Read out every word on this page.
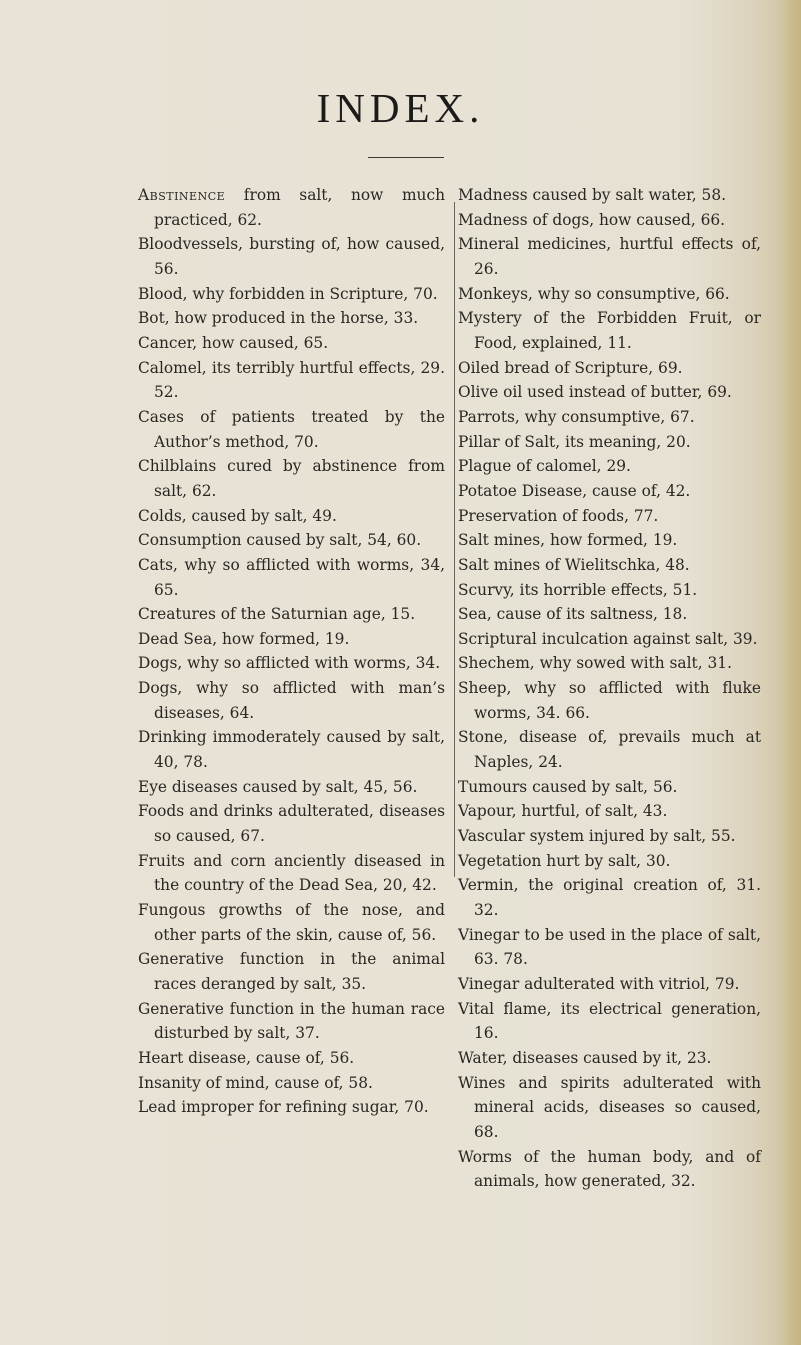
INDEX.
Abstinence from salt, now much practiced, 62.
Bloodvessels, bursting of, how caused, 56.
Blood, why forbidden in Scripture, 70.
Bot, how produced in the horse, 33.
Cancer, how caused, 65.
Calomel, its terribly hurtful effects, 29. 52.
Cases of patients treated by the Author’s method, 70.
Chilblains cured by abstinence from salt, 62.
Colds, caused by salt, 49.
Consumption caused by salt, 54, 60.
Cats, why so afflicted with worms, 34, 65.
Creatures of the Saturnian age, 15.
Dead Sea, how formed, 19.
Dogs, why so afflicted with worms, 34.
Dogs, why so afflicted with man’s diseases, 64.
Drinking immoderately caused by salt, 40, 78.
Eye diseases caused by salt, 45, 56.
Foods and drinks adulterated, diseases so caused, 67.
Fruits and corn anciently diseased in the country of the Dead Sea, 20, 42.
Fungous growths of the nose, and other parts of the skin, cause of, 56.
Generative function in the animal races deranged by salt, 35.
Generative function in the human race disturbed by salt, 37.
Heart disease, cause of, 56.
Insanity of mind, cause of, 58.
Lead improper for refining sugar, 70.
Madness caused by salt water, 58.
Madness of dogs, how caused, 66.
Mineral medicines, hurtful effects of, 26.
Monkeys, why so consumptive, 66.
Mystery of the Forbidden Fruit, or Food, explained, 11.
Oiled bread of Scripture, 69.
Olive oil used instead of butter, 69.
Parrots, why consumptive, 67.
Pillar of Salt, its meaning, 20.
Plague of calomel, 29.
Potatoe Disease, cause of, 42.
Preservation of foods, 77.
Salt mines, how formed, 19.
Salt mines of Wielitschka, 48.
Scurvy, its horrible effects, 51.
Sea, cause of its saltness, 18.
Scriptural inculcation against salt, 39.
Shechem, why sowed with salt, 31.
Sheep, why so afflicted with fluke worms, 34. 66.
Stone, disease of, prevails much at Naples, 24.
Tumours caused by salt, 56.
Vapour, hurtful, of salt, 43.
Vascular system injured by salt, 55.
Vegetation hurt by salt, 30.
Vermin, the original creation of, 31. 32.
Vinegar to be used in the place of salt, 63. 78.
Vinegar adulterated with vitriol, 79.
Vital flame, its electrical generation, 16.
Water, diseases caused by it, 23.
Wines and spirits adulterated with mineral acids, diseases so caused, 68.
Worms of the human body, and of animals, how generated, 32.
